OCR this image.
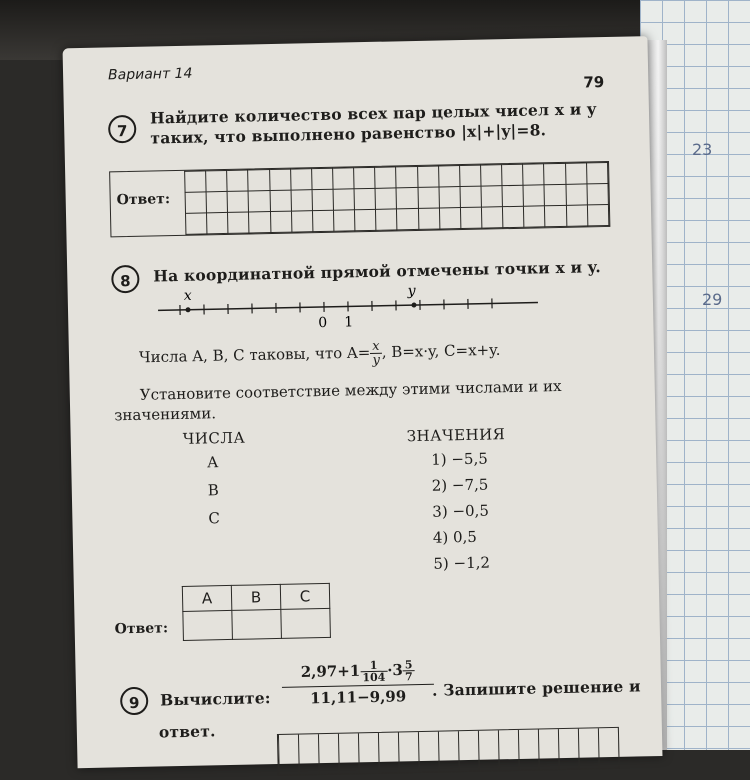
23
29
Вариант 14	79
7
Найдите количество всех пар целых чисел x и y
таких, что выполнено равенство |x|+|y|=8.
Ответ:

8	На координатной прямой отмечены точки x и y.
x	y
0 1
Числа A, B, C таковы, что $A= \frac{x}{y}$ , B=x·y, C=x+y.
Установите соответствие между этими числами и их
значениями.
ЧИСЛА
A
B
C
ЗНАЧЕНИЯ
1) −5,5
2) −7,5
3) −0,5
4) 0,5
5) −1,2
Ответ:
A	B	C

9	Вычислите: $\frac{2,97+1 \frac{1}{104} \cdot 3 \frac{5}{7}}{11,11-9,99}$
. Запишите решение и
ответ.
